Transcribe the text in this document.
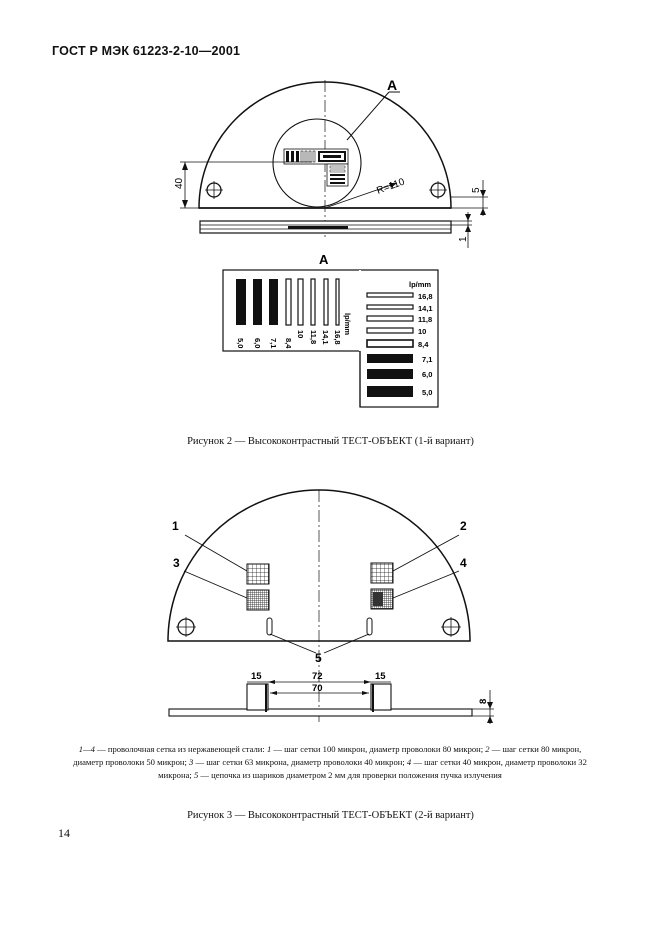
ГОСТ Р МЭК 61223-2-10—2001
А
40	R=110	5
1
А
5,0 6,0 7,1 8,4
10 11,8 14,1 16,8
lp/mm
lp/mm
16,8
14,1
11,8
10
8,4
7,1
6,0
5,0
Рисунок 2 — Высококонтрастный ТЕСТ-ОБЪЕКТ (1-й вариант)
1	2
3	4
5
15	72	15
70
8
1—4 — проволочная сетка из нержавеющей стали: 1 — шаг сетки 100 микрон, диаметр проволоки 80 микрон; 2 — шаг сетки 80 микрон, диаметр проволоки 50 микрон; 3 — шаг сетки 63 микрона, диаметр проволоки 40 микрон; 4 — шаг сетки 40 микрон, диаметр проволоки 32 микрона; 5 — цепочка из шариков диаметром 2 мм для проверки положения пучка излучения
Рисунок 3 — Высококонтрастный ТЕСТ-ОБЪЕКТ (2-й вариант)
14
